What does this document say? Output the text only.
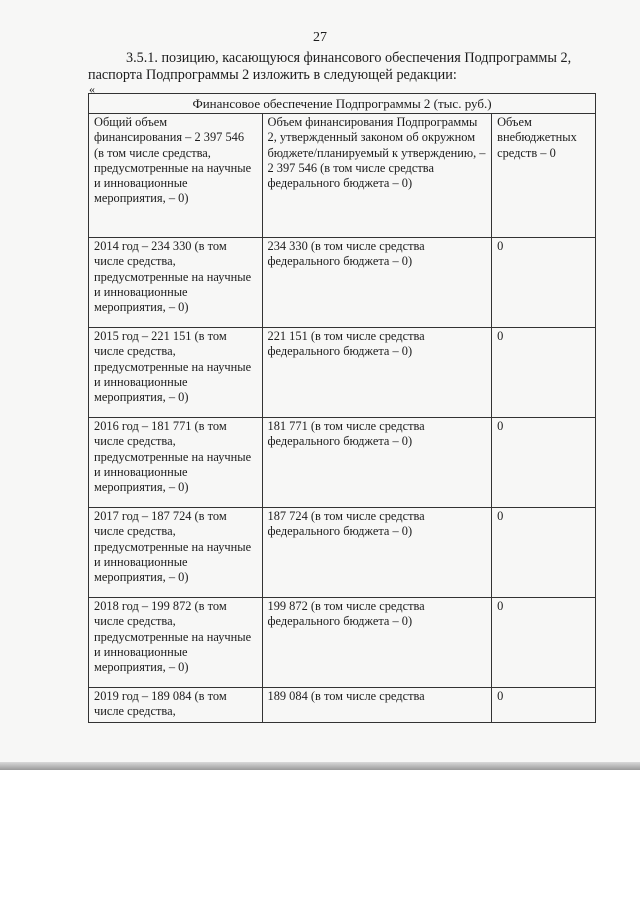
27
3.5.1. позицию, касающуюся финансового обеспечения Подпрограммы 2,
паспорта Подпрограммы 2 изложить в следующей редакции:
«
Финансовое обеспечение Подпрограммы 2 (тыс. руб.)		
Общий объем финансирования – 2 397 546 (в том числе средства, предусмотренные на научные и инновационные мероприятия, – 0)	Объем финансирования Подпрограммы 2, утвержденный законом об окружном бюджете/планируемый к утверждению, – 2 397 546 (в том числе средства федерального бюджета – 0)	Объем внебюджетных средств – 0
2014 год – 234 330 (в том числе средства, предусмотренные на научные и инновационные мероприятия, – 0)	234 330 (в том числе средства федерального бюджета – 0)	0
2015 год – 221 151 (в том числе средства, предусмотренные на научные и инновационные мероприятия, – 0)	221 151 (в том числе средства федерального бюджета – 0)	0
2016 год – 181 771 (в том числе средства, предусмотренные на научные и инновационные мероприятия, – 0)	181 771 (в том числе средства федерального бюджета – 0)	0
2017 год – 187 724 (в том числе средства, предусмотренные на научные и инновационные мероприятия, – 0)	187 724 (в том числе средства федерального бюджета – 0)	0
2018 год – 199 872 (в том числе средства, предусмотренные на научные и инновационные мероприятия, – 0)	199 872 (в том числе средства федерального бюджета – 0)	0
2019 год – 189 084 (в том числе средства,	189 084 (в том числе средства	0
